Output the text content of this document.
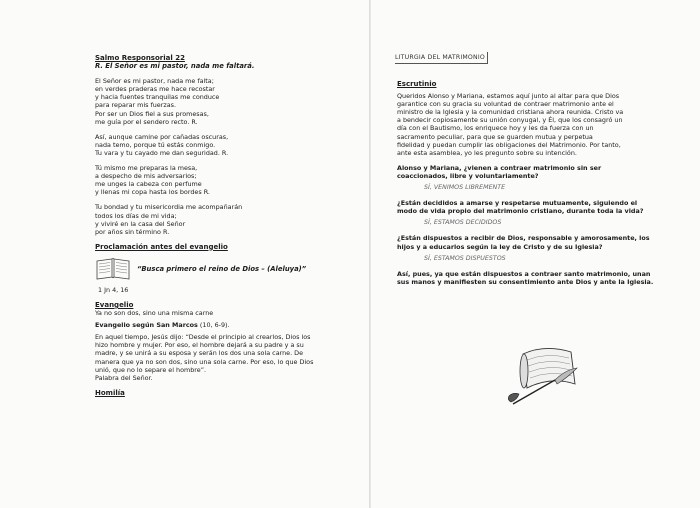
Salmo Responsorial 22
R. El Señor es mi pastor, nada me faltará.
El Señor es mi pastor, nada me falta;
en verdes praderas me hace recostar
y hacia fuentes tranquilas me conduce
para reparar mis fuerzas.
Por ser un Dios fiel a sus promesas,
me guía por el sendero recto. R.
Así, aunque camine por cañadas oscuras,
nada temo, porque tú estás conmigo.
Tu vara y tu cayado me dan seguridad. R.
Tú mismo me preparas la mesa,
a despecho de mis adversarios;
me unges la cabeza con perfume
y llenas mi copa hasta los bordes R.
Tu bondad y tu misericordia me acompañarán
todos los días de mi vida;
y viviré en la casa del Señor
por años sin término R.
Proclamación antes del evangelio
“Busca primero el reino de Dios – (Aleluya)”
1 Jn 4, 16
Evangelio
Ya no son dos, sino una misma carne
Evangelio según San Marcos (10, 6-9).
En aquel tiempo, Jesús dijo: “Desde el principio al crearlos, Dios los
hizo hombre y mujer. Por eso, el hombre dejará a su padre y a su
madre, y se unirá a su esposa y serán los dos una sola carne. De
manera que ya no son dos, sino una sola carne. Por eso, lo que Dios
unió, que no lo separe el hombre”.
Palabra del Señor.
Homilía
LITURGIA DEL MATRIMONIO
Escrutinio
Queridos Alonso y Mariana, estamos aquí junto al altar para que Dios
garantice con su gracia su voluntad de contraer matrimonio ante el
ministro de la Iglesia y la comunidad cristiana ahora reunida. Cristo va
a bendecir copiosamente su unión conyugal, y Él, que los consagró un
día con el Bautismo, los enriquece hoy y les da fuerza con un
sacramento peculiar, para que se guarden mutua y perpetua
fidelidad y puedan cumplir las obligaciones del Matrimonio. Por tanto,
ante esta asamblea, yo les pregunto sobre su intención.
Alonso y Mariana, ¿vienen a contraer matrimonio sin ser
coaccionados, libre y voluntariamente?
SÍ, VENIMOS LIBREMENTE
¿Están decididos a amarse y respetarse mutuamente, siguiendo el
modo de vida propio del matrimonio cristiano, durante toda la vida?
SÍ, ESTAMOS DECIDIDOS
¿Están dispuestos a recibir de Dios, responsable y amorosamente, los
hijos y a educarlos según la ley de Cristo y de su Iglesia?
SÍ, ESTAMOS DISPUESTOS
Así, pues, ya que están dispuestos a contraer santo matrimonio, unan
sus manos y manifiesten su consentimiento ante Dios y ante la Iglesia.
